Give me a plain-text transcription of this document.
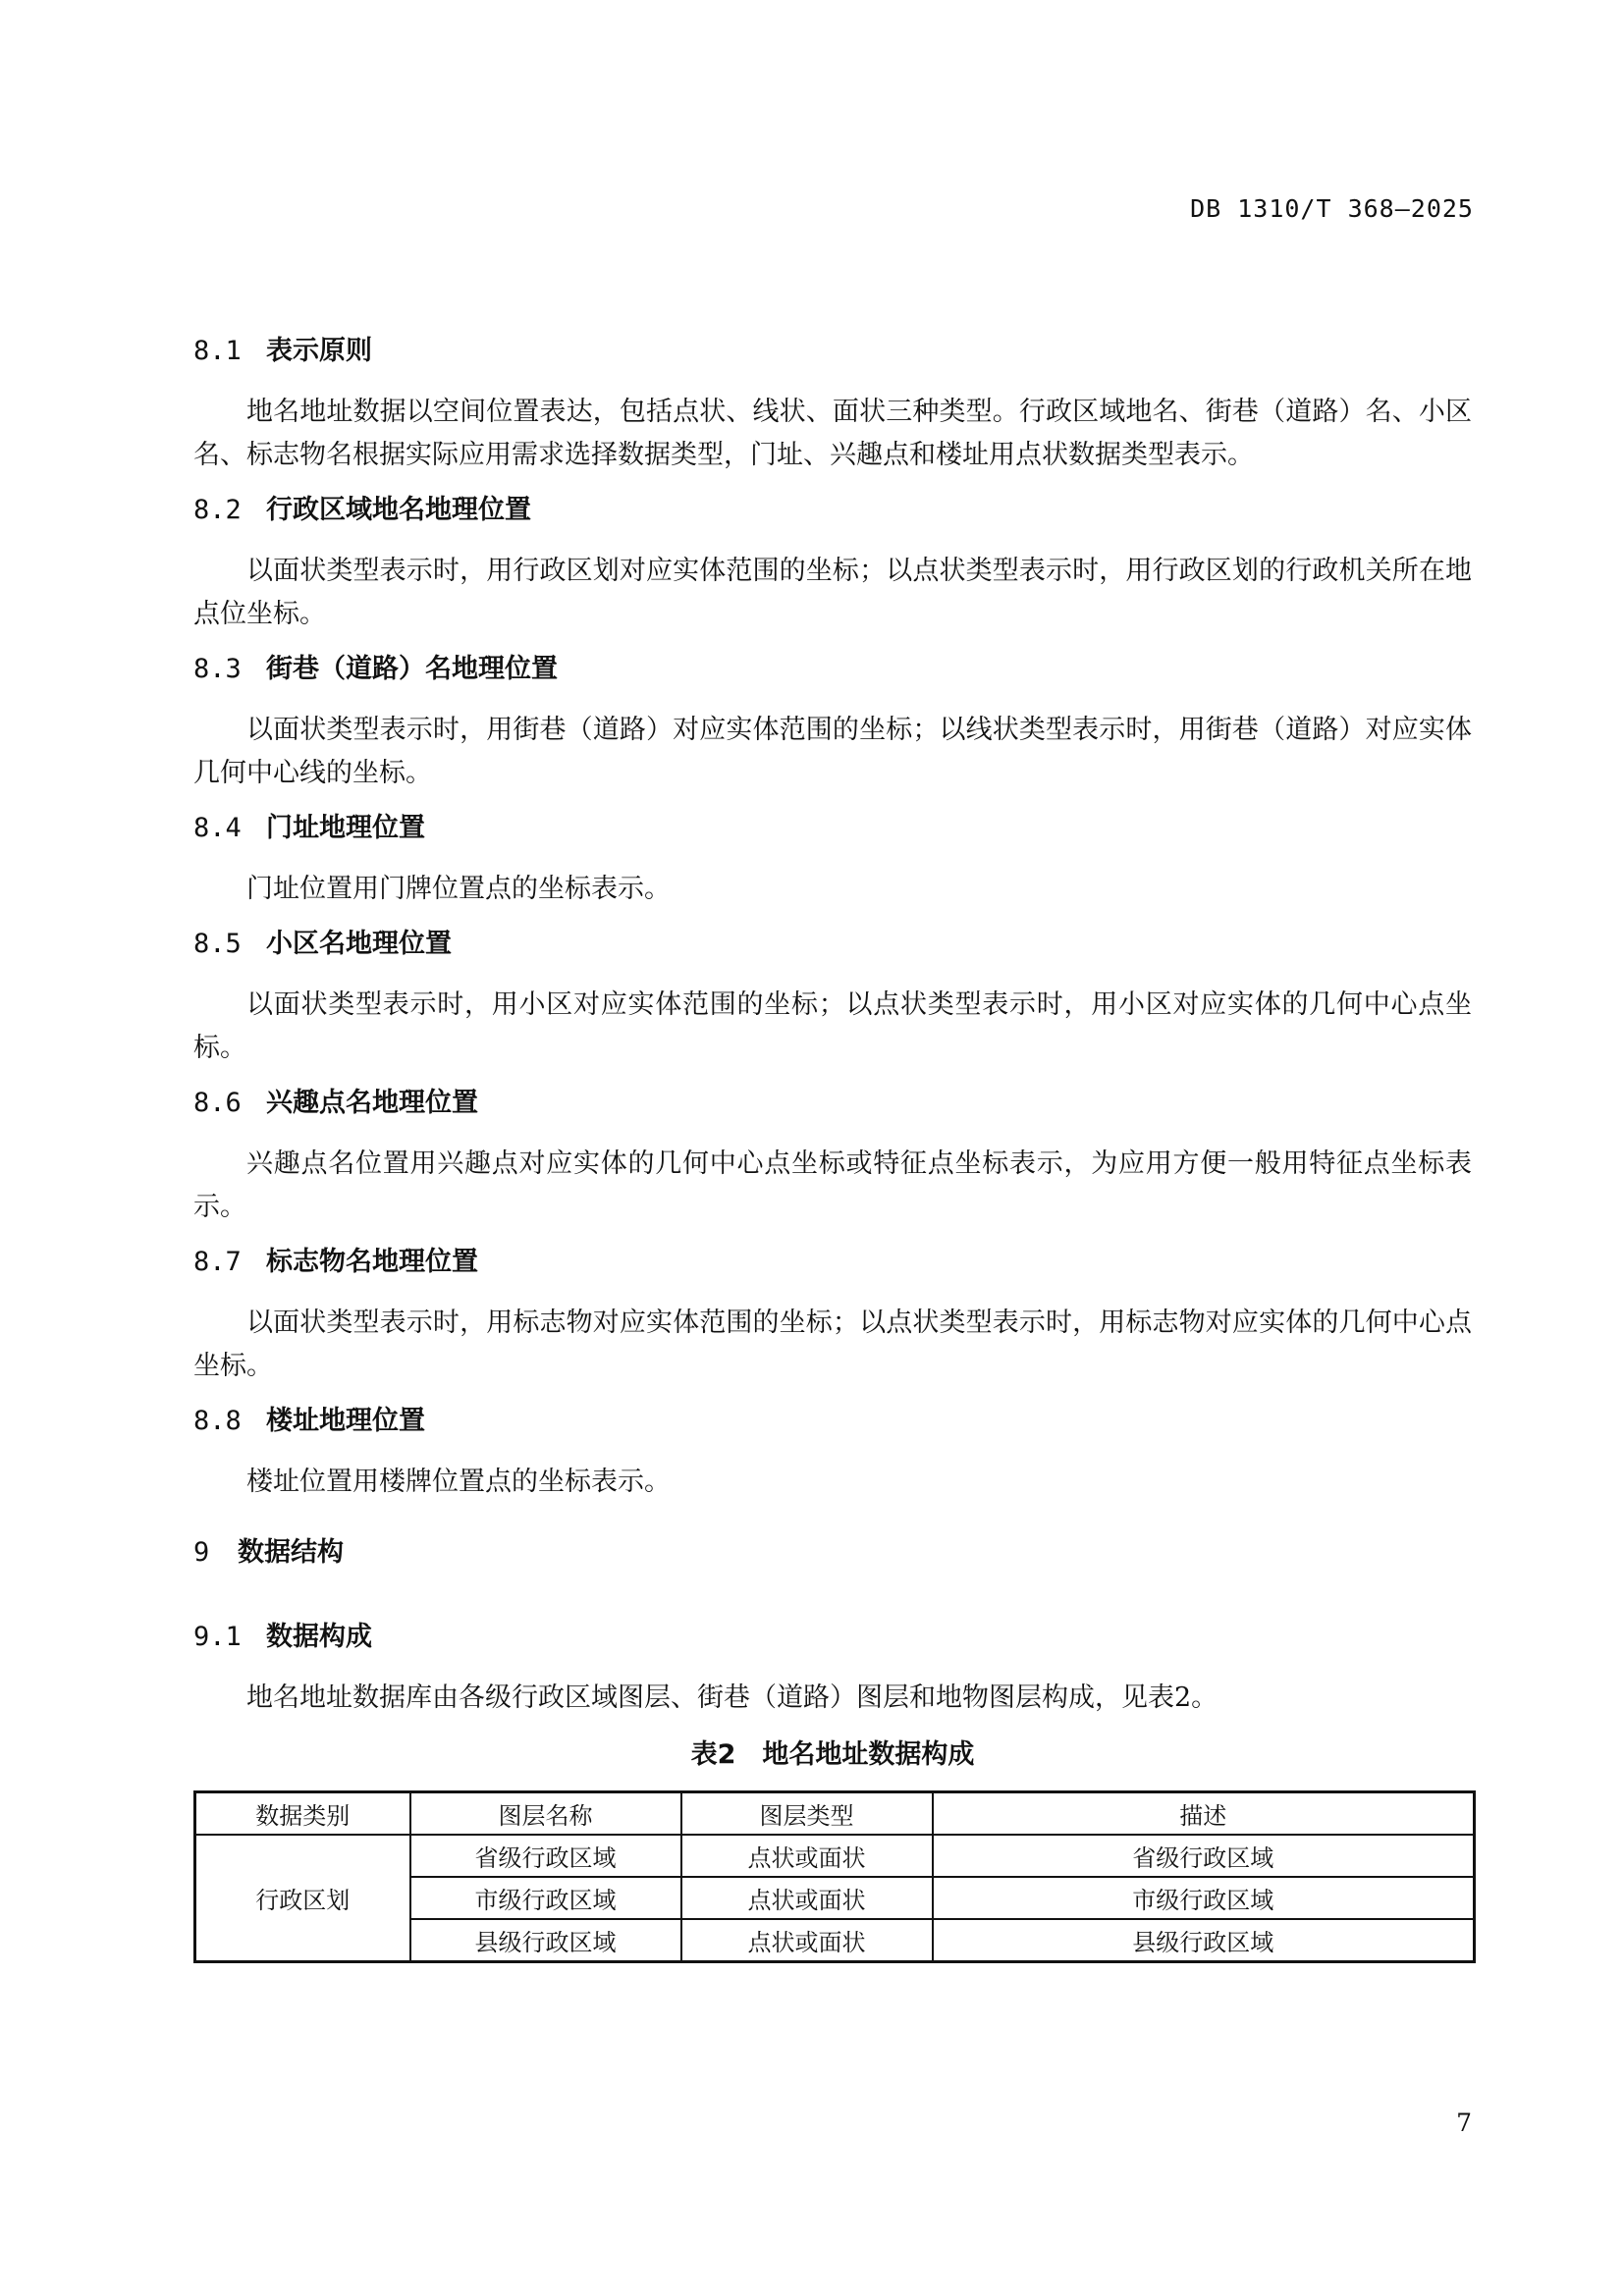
DB 1310/T 368—2025
8.1 表示原则

地名地址数据以空间位置表达，包括点状、线状、面状三种类型。行政区域地名、街巷（道路）名、小区名、标志物名根据实际应用需求选择数据类型，门址、兴趣点和楼址用点状数据类型表示。

8.2 行政区域地名地理位置

以面状类型表示时，用行政区划对应实体范围的坐标；以点状类型表示时，用行政区划的行政机关所在地点位坐标。

8.3 街巷（道路）名地理位置

以面状类型表示时，用街巷（道路）对应实体范围的坐标；以线状类型表示时，用街巷（道路）对应实体几何中心线的坐标。

8.4 门址地理位置

门址位置用门牌位置点的坐标表示。

8.5 小区名地理位置

以面状类型表示时，用小区对应实体范围的坐标；以点状类型表示时，用小区对应实体的几何中心点坐标。

8.6 兴趣点名地理位置

兴趣点名位置用兴趣点对应实体的几何中心点坐标或特征点坐标表示，为应用方便一般用特征点坐标表示。

8.7 标志物名地理位置

以面状类型表示时，用标志物对应实体范围的坐标；以点状类型表示时，用标志物对应实体的几何中心点坐标。

8.8 楼址地理位置

楼址位置用楼牌位置点的坐标表示。

9 数据结构
9.1 数据构成

地名地址数据库由各级行政区域图层、街巷（道路）图层和地物图层构成，见表2。

表2　地名地址数据构成
数据类别	图层名称	图层类型	描述
行政区划	省级行政区域	点状或面状	省级行政区域
	市级行政区域	点状或面状	市级行政区域
	县级行政区域	点状或面状	县级行政区域
7
